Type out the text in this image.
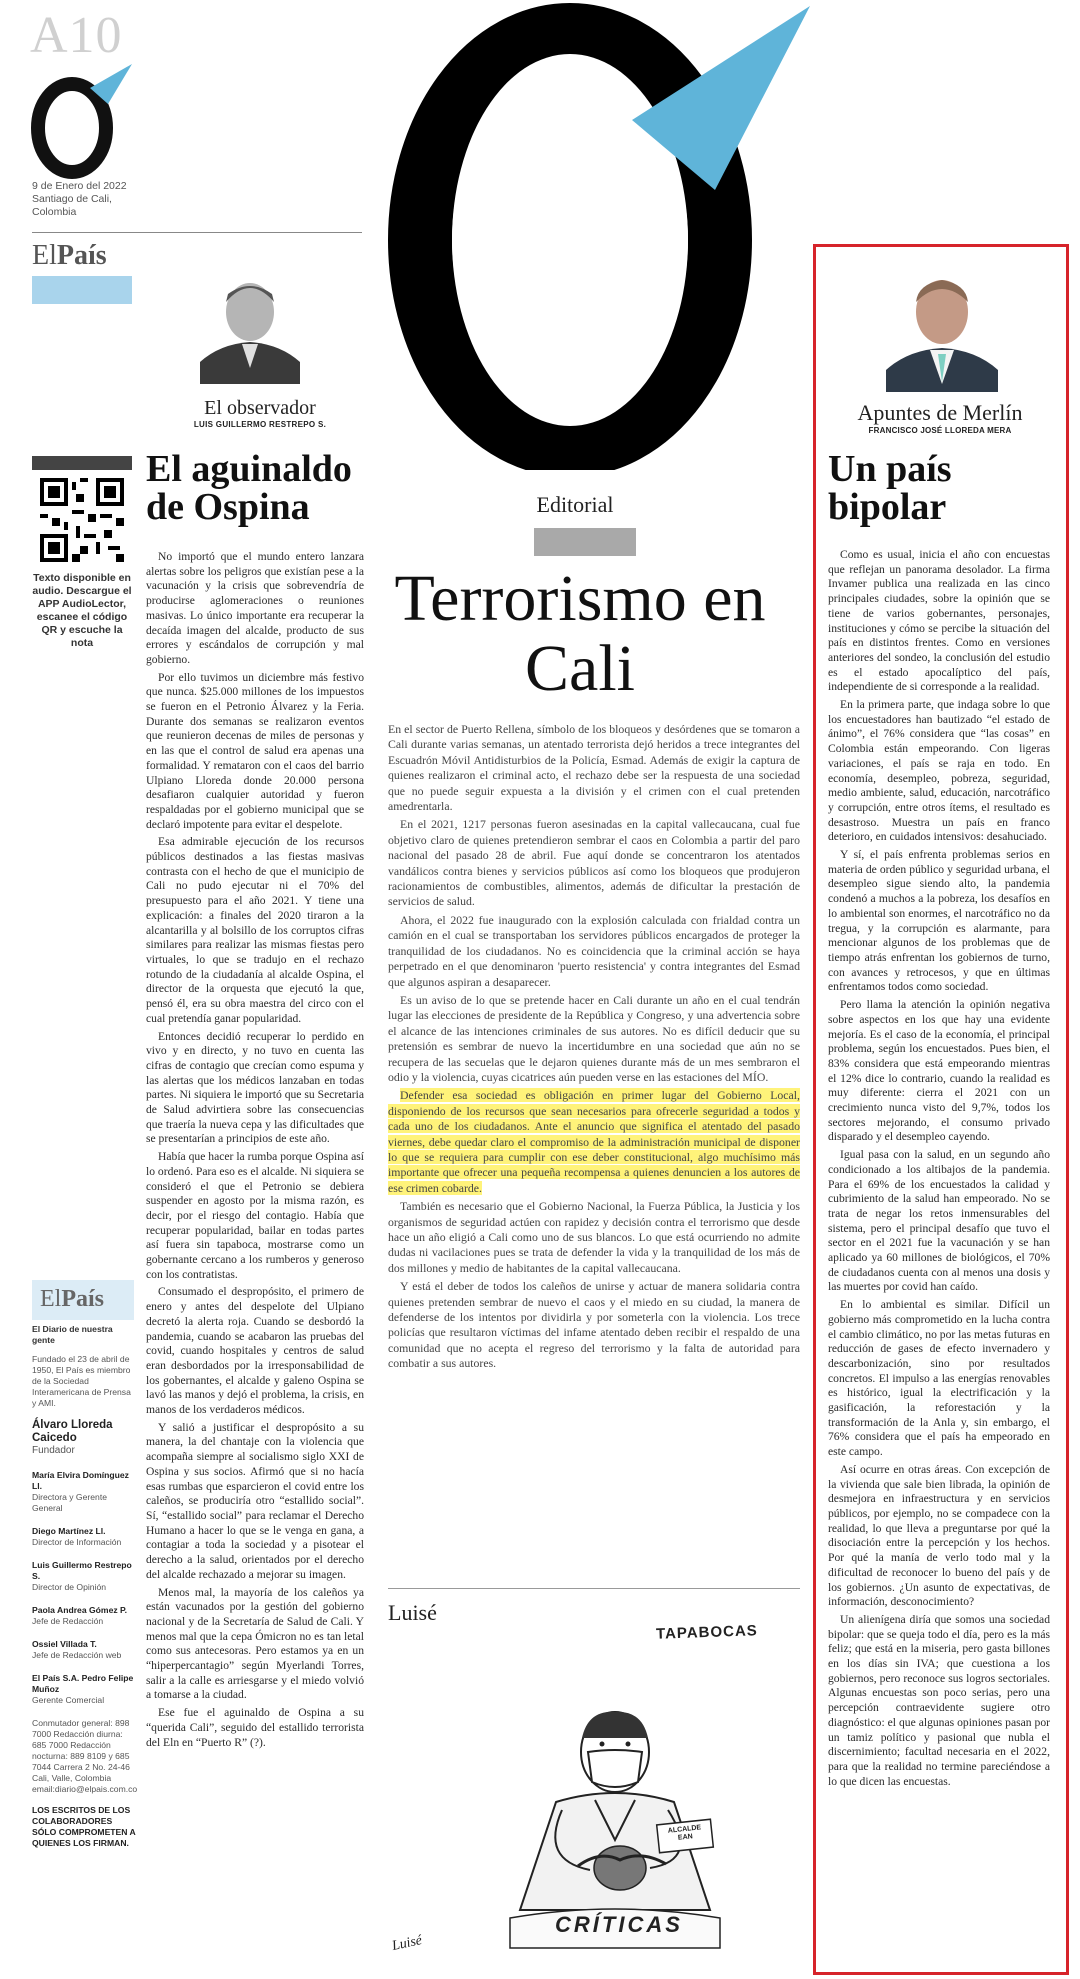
A10
9 de Enero del 2022 Santiago de Cali, Colombia
ElPaís
El observador
LUIS GUILLERMO RESTREPO S.
Texto disponible en audio. Descargue el APP AudioLector, escanee el código QR y escuche la nota
El aguinaldo de Ospina

No importó que el mundo entero lanzara alertas sobre los peligros que existían pese a la vacunación y la crisis que sobrevendría de producirse aglomeraciones o reuniones masivas. Lo único importante era recuperar la decaída imagen del alcalde, producto de sus errores y escándalos de corrupción y mal gobierno.

Por ello tuvimos un diciembre más festivo que nunca. $25.000 millones de los impuestos se fueron en el Petronio Álvarez y la Feria. Durante dos semanas se realizaron eventos que reunieron decenas de miles de personas y en las que el control de salud era apenas una formalidad. Y remataron con el caos del barrio Ulpiano Lloreda donde 20.000 persona desafiaron cualquier autoridad y fueron respaldadas por el gobierno municipal que se declaró impotente para evitar el despelote.

Esa admirable ejecución de los recursos públicos destinados a las fiestas masivas contrasta con el hecho de que el municipio de Cali no pudo ejecutar ni el 70% del presupuesto para el año 2021. Y tiene una explicación: a finales del 2020 tiraron a la alcantarilla y al bolsillo de los corruptos cifras similares para realizar las mismas fiestas pero virtuales, lo que se tradujo en el rechazo rotundo de la ciudadanía al alcalde Ospina, el director de la orquesta que ejecutó la que, pensó él, era su obra maestra del circo con el cual pretendía ganar popularidad.

Entonces decidió recuperar lo perdido en vivo y en directo, y no tuvo en cuenta las cifras de contagio que crecían como espuma y las alertas que los médicos lanzaban en todas partes. Ni siquiera le importó que su Secretaria de Salud advirtiera sobre las consecuencias que traería la nueva cepa y las dificultades que se presentarían a principios de este año.

Había que hacer la rumba porque Ospina así lo ordenó. Para eso es el alcalde. Ni siquiera se consideró el que el Petronio se debiera suspender en agosto por la misma razón, es decir, por el riesgo del contagio. Había que recuperar popularidad, bailar en todas partes así fuera sin tapaboca, mostrarse como un gobernante cercano a los rumberos y generoso con los contratistas.

Consumado el despropósito, el primero de enero y antes del despelote del Ulpiano decretó la alerta roja. Cuando se desbordó la pandemia, cuando se acabaron las pruebas del covid, cuando hospitales y centros de salud eran desbordados por la irresponsabilidad de los gobernantes, el alcalde y galeno Ospina se lavó las manos y dejó el problema, la crisis, en manos de los verdaderos médicos.

Y salió a justificar el despropósito a su manera, la del chantaje con la violencia que acompaña siempre al socialismo siglo XXI de Ospina y sus socios. Afirmó que si no hacía esas rumbas que esparcieron el covid entre los caleños, se produciría otro “estallido social”. Sí, “estallido social” para reclamar el Derecho Humano a hacer lo que se le venga en gana, a contagiar a toda la sociedad y a pisotear el derecho a la salud, orientados por el derecho del alcalde rechazado a mejorar su imagen.

Menos mal, la mayoría de los caleños ya están vacunados por la gestión del gobierno nacional y de la Secretaría de Salud de Cali. Y menos mal que la cepa Ómicron no es tan letal como sus antecesoras. Pero estamos ya en un “hiperpercantagio” según Myerlandi Torres, salir a la calle es arriesgarse y el miedo volvió a tomarse a la ciudad.

Ese fue el aguinaldo de Ospina a su “querida Cali”, seguido del estallido terrorista del Eln en “Puerto R” (?).

ElPaís

El Diario de nuestra gente

Fundado el 23 de abril de 1950, El País es miembro de la Sociedad Interamericana de Prensa y AMI.

Álvaro Lloreda Caicedo

Fundador

María Elvira Domínguez Ll.

Directora y Gerente General

Diego Martínez Ll.

Director de Información

Luis Guillermo Restrepo S.

Director de Opinión

Paola Andrea Gómez P.

Jefe de Redacción

Ossiel Villada T.

Jefe de Redacción web

El País S.A. Pedro Felipe Muñoz

Gerente Comercial

Conmutador general: 898 7000 Redacción diurna: 685 7000 Redacción nocturna: 889 8109 y 685 7044 Carrera 2 No. 24-46 Cali, Valle, Colombia email:diario@elpais.com.co

LOS ESCRITOS DE LOS COLABORADORES SÓLO COMPROMETEN A QUIENES LOS FIRMAN.

Editorial
Terrorismo en Cali

En el sector de Puerto Rellena, símbolo de los bloqueos y desórdenes que se tomaron a Cali durante varias semanas, un atentado terrorista dejó heridos a trece integrantes del Escuadrón Móvil Antidisturbios de la Policía, Esmad. Además de exigir la captura de quienes realizaron el criminal acto, el rechazo debe ser la respuesta de una sociedad que no puede seguir expuesta a la división y el crimen con el cual pretenden amedrentarla.

En el 2021, 1217 personas fueron asesinadas en la capital vallecaucana, cual fue objetivo claro de quienes pretendieron sembrar el caos en Colombia a partir del paro nacional del pasado 28 de abril. Fue aquí donde se concentraron los atentados vandálicos contra bienes y servicios públicos así como los bloqueos que produjeron racionamientos de combustibles, alimentos, además de dificultar la prestación de servicios de salud.

Ahora, el 2022 fue inaugurado con la explosión calculada con frialdad contra un camión en el cual se transportaban los servidores públicos encargados de proteger la tranquilidad de los ciudadanos. No es coincidencia que la criminal acción se haya perpetrado en el que denominaron 'puerto resistencia' y contra integrantes del Esmad que algunos aspiran a desaparecer.

Es un aviso de lo que se pretende hacer en Cali durante un año en el cual tendrán lugar las elecciones de presidente de la República y Congreso, y una advertencia sobre el alcance de las intenciones criminales de sus autores. No es difícil deducir que su pretensión es sembrar de nuevo la incertidumbre en una sociedad que aún no se recupera de las secuelas que le dejaron quienes durante más de un mes sembraron el odio y la violencia, cuyas cicatrices aún pueden verse en las estaciones del MÍO.

Defender esa sociedad es obligación en primer lugar del Gobierno Local, disponiendo de los recursos que sean necesarios para ofrecerle seguridad a todos y cada uno de los ciudadanos. Ante el anuncio que significa el atentado del pasado viernes, debe quedar claro el compromiso de la administración municipal de disponer lo que se requiera para cumplir con ese deber constitucional, algo muchísimo más importante que ofrecer una pequeña recompensa a quienes denuncien a los autores de ese crimen cobarde.

También es necesario que el Gobierno Nacional, la Fuerza Pública, la Justicia y los organismos de seguridad actúen con rapidez y decisión contra el terrorismo que desde hace un año eligió a Cali como uno de sus blancos. Lo que está ocurriendo no admite dudas ni vacilaciones pues se trata de defender la vida y la tranquilidad de los más de dos millones y medio de habitantes de la capital vallecaucana.

Y está el deber de todos los caleños de unirse y actuar de manera solidaria contra quienes pretenden sembrar de nuevo el caos y el miedo en su ciudad, la manera de defenderse de los intentos por dividirla y por someterla con la violencia. Los trece policías que resultaron víctimas del infame atentado deben recibir el respaldo de una comunidad que no acepta el regreso del terrorismo y la falta de autoridad para combatir a sus autores.

Luisé
TAPABOCAS
ALCALDE EAN
CRÍTICAS
Luisé
Apuntes de Merlín
FRANCISCO JOSÉ LLOREDA MERA
Un país bipolar

Como es usual, inicia el año con encuestas que reflejan un panorama desolador. La firma Invamer publica una realizada en las cinco principales ciudades, sobre la opinión que se tiene de varios gobernantes, personajes, instituciones y cómo se percibe la situación del país en distintos frentes. Como en versiones anteriores del sondeo, la conclusión del estudio es el estado apocalíptico del país, independiente de si corresponde a la realidad.

En la primera parte, que indaga sobre lo que los encuestadores han bautizado “el estado de ánimo”, el 76% considera que “las cosas” en Colombia están empeorando. Con ligeras variaciones, el país se raja en todo. En economía, desempleo, pobreza, seguridad, medio ambiente, salud, educación, narcotráfico y corrupción, entre otros ítems, el resultado es desastroso. Muestra un país en franco deterioro, en cuidados intensivos: desahuciado.

Y sí, el país enfrenta problemas serios en materia de orden público y seguridad urbana, el desempleo sigue siendo alto, la pandemia condenó a muchos a la pobreza, los desafíos en lo ambiental son enormes, el narcotráfico no da tregua, y la corrupción es alarmante, para mencionar algunos de los problemas que de tiempo atrás enfrentan los gobiernos de turno, con avances y retrocesos, y que en últimas enfrentamos todos como sociedad.

Pero llama la atención la opinión negativa sobre aspectos en los que hay una evidente mejoría. Es el caso de la economía, el principal problema, según los encuestados. Pues bien, el 83% considera que está empeorando mientras el 12% dice lo contrario, cuando la realidad es muy diferente: cierra el 2021 con un crecimiento nunca visto del 9,7%, todos los sectores mejorando, el consumo privado disparado y el desempleo cayendo.

Igual pasa con la salud, en un segundo año condicionado a los altibajos de la pandemia. Para el 69% de los encuestados la calidad y cubrimiento de la salud han empeorado. No se trata de negar los retos inmensurables del sistema, pero el principal desafío que tuvo el sector en el 2021 fue la vacunación y se han aplicado ya 60 millones de biológicos, el 70% de ciudadanos cuenta con al menos una dosis y las muertes por covid han caído.

En lo ambiental es similar. Difícil un gobierno más comprometido en la lucha contra el cambio climático, no por las metas futuras en reducción de gases de efecto invernadero y descarbonización, sino por resultados concretos. El impulso a las energías renovables es histórico, igual la electrificación y la gasificación, la reforestación y la transformación de la Anla y, sin embargo, el 76% considera que el país ha empeorado en este campo.

Así ocurre en otras áreas. Con excepción de la vivienda que sale bien librada, la opinión de desmejora en infraestructura y en servicios públicos, por ejemplo, no se compadece con la realidad, lo que lleva a preguntarse por qué la disociación entre la percepción y los hechos. Por qué la manía de verlo todo mal y la dificultad de reconocer lo bueno del país y de los gobiernos. ¿Un asunto de expectativas, de información, desconocimiento?

Un alienígena diría que somos una sociedad bipolar: que se queja todo el día, pero es la más feliz; que está en la miseria, pero gasta billones en los días sin IVA; que cuestiona a los gobiernos, pero reconoce sus logros sectoriales. Algunas encuestas son poco serias, pero una percepción contraevidente sugiere otro diagnóstico: el que algunas opiniones pasan por un tamiz político y pasional que nubla el discernimiento; facultad necesaria en el 2022, para que la realidad no termine pareciéndose a lo que dicen las encuestas.
